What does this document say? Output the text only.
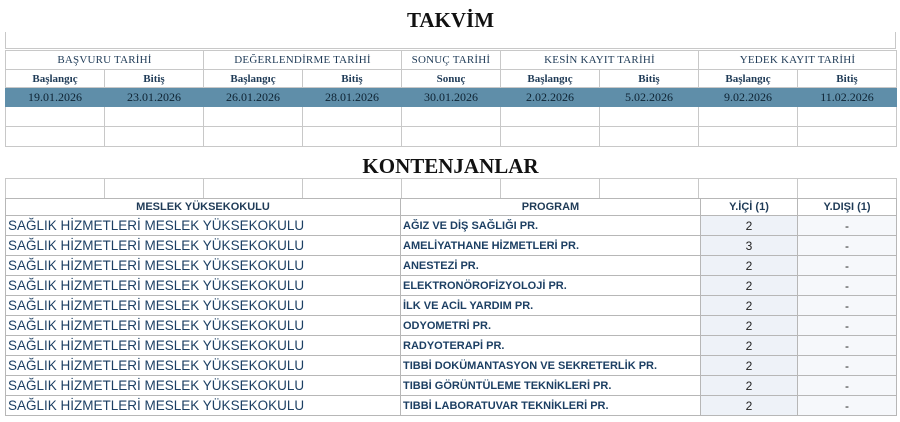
TAKVİM
BAŞVURU TARİHİ		DEĞERLENDİRME TARİHİ		SONUÇ TARİHİ	KESİN KAYIT TARİHİ		YEDEK KAYIT TARİHİ	
Başlangıç	Bitiş	Başlangıç	Bitiş	Sonuç	Başlangıç	Bitiş	Başlangıç	Bitiş
19.01.2026	23.01.2026	26.01.2026	28.01.2026	30.01.2026	2.02.2026	5.02.2026	9.02.2026	11.02.2026

KONTENJANLAR

MESLEK YÜKSEKOKULU	PROGRAM	Y.İÇİ (1)	Y.DIŞI (1)
SAĞLIK HİZMETLERİ MESLEK YÜKSEKOKULU	AĞIZ VE DİŞ SAĞLIĞI PR.	2	-
SAĞLIK HİZMETLERİ MESLEK YÜKSEKOKULU	AMELİYATHANE HİZMETLERİ PR.	3	-
SAĞLIK HİZMETLERİ MESLEK YÜKSEKOKULU	ANESTEZİ PR.	2	-
SAĞLIK HİZMETLERİ MESLEK YÜKSEKOKULU	ELEKTRONÖROFİZYOLOJİ PR.	2	-
SAĞLIK HİZMETLERİ MESLEK YÜKSEKOKULU	İLK VE ACİL YARDIM PR.	2	-
SAĞLIK HİZMETLERİ MESLEK YÜKSEKOKULU	ODYOMETRİ PR.	2	-
SAĞLIK HİZMETLERİ MESLEK YÜKSEKOKULU	RADYOTERAPİ PR.	2	-
SAĞLIK HİZMETLERİ MESLEK YÜKSEKOKULU	TIBBİ DOKÜMANTASYON VE SEKRETERLİK PR.	2	-
SAĞLIK HİZMETLERİ MESLEK YÜKSEKOKULU	TIBBİ GÖRÜNTÜLEME TEKNİKLERİ PR.	2	-
SAĞLIK HİZMETLERİ MESLEK YÜKSEKOKULU	TIBBİ LABORATUVAR TEKNİKLERİ PR.	2	-
